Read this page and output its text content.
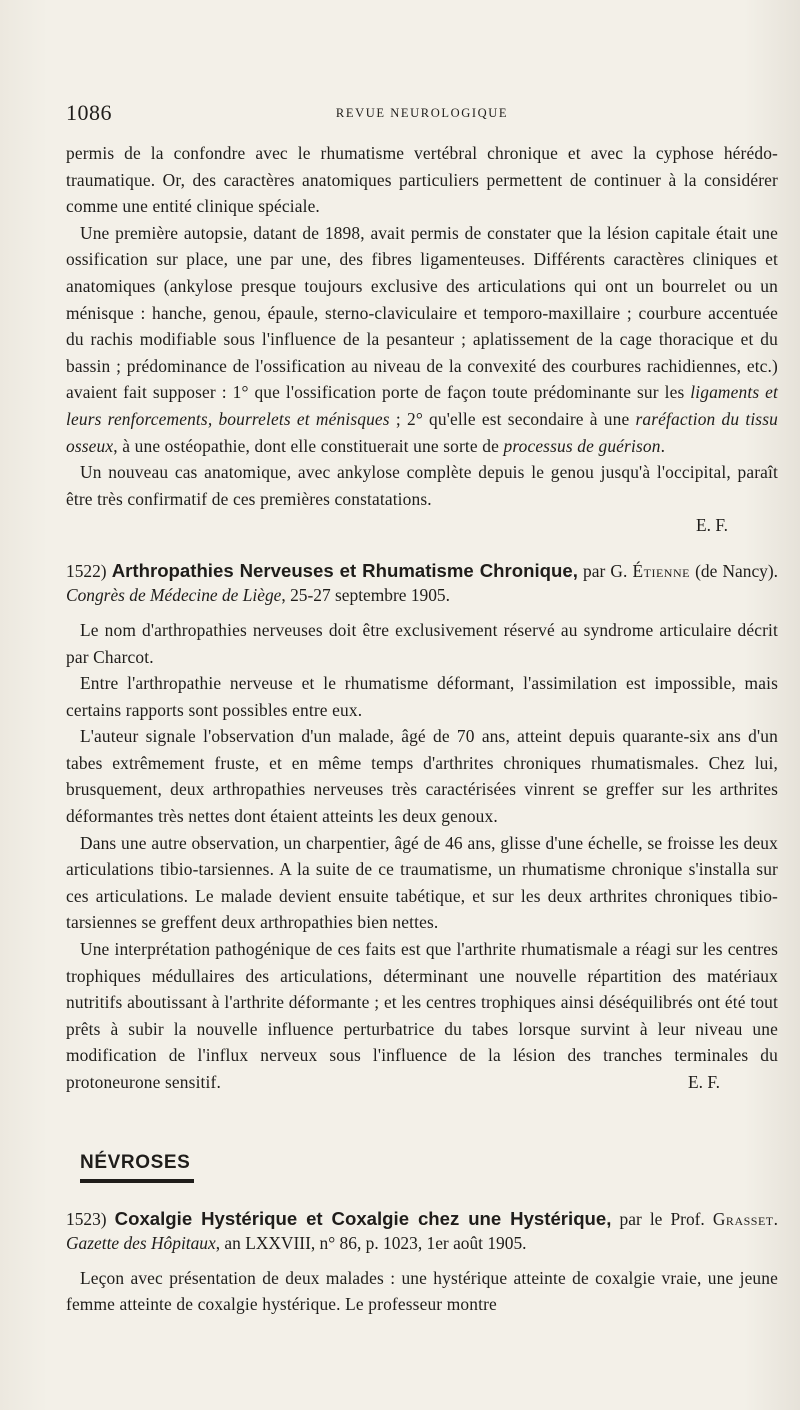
1086	REVUE NEUROLOGIQUE

permis de la confondre avec le rhumatisme vertébral chronique et avec la cyphose hérédo-traumatique. Or, des caractères anatomiques particuliers permettent de continuer à la considérer comme une entité clinique spéciale.

Une première autopsie, datant de 1898, avait permis de constater que la lésion capitale était une ossification sur place, une par une, des fibres ligamenteuses. Différents caractères cliniques et anatomiques (ankylose presque toujours exclusive des articulations qui ont un bourrelet ou un ménisque : hanche, genou, épaule, sterno-claviculaire et temporo-maxillaire ; courbure accentuée du rachis modifiable sous l'influence de la pesanteur ; aplatissement de la cage thoracique et du bassin ; prédominance de l'ossification au niveau de la convexité des courbures rachidiennes, etc.) avaient fait supposer : 1° que l'ossification porte de façon toute prédominante sur les ligaments et leurs renforcements, bourrelets et ménisques ; 2° qu'elle est secondaire à une raréfaction du tissu osseux, à une ostéopathie, dont elle constituerait une sorte de processus de guérison.

Un nouveau cas anatomique, avec ankylose complète depuis le genou jusqu'à l'occipital, paraît être très confirmatif de ces premières constatations.

E. F.
1522) Arthropathies Nerveuses et Rhumatisme Chronique, par G. Étienne (de Nancy). Congrès de Médecine de Liège, 25-27 septembre 1905.

Le nom d'arthropathies nerveuses doit être exclusivement réservé au syndrome articulaire décrit par Charcot.

Entre l'arthropathie nerveuse et le rhumatisme déformant, l'assimilation est impossible, mais certains rapports sont possibles entre eux.

L'auteur signale l'observation d'un malade, âgé de 70 ans, atteint depuis quarante-six ans d'un tabes extrêmement fruste, et en même temps d'arthrites chroniques rhumatismales. Chez lui, brusquement, deux arthropathies nerveuses très caractérisées vinrent se greffer sur les arthrites déformantes très nettes dont étaient atteints les deux genoux.

Dans une autre observation, un charpentier, âgé de 46 ans, glisse d'une échelle, se froisse les deux articulations tibio-tarsiennes. A la suite de ce traumatisme, un rhumatisme chronique s'installa sur ces articulations. Le malade devient ensuite tabétique, et sur les deux arthrites chroniques tibio-tarsiennes se greffent deux arthropathies bien nettes.

Une interprétation pathogénique de ces faits est que l'arthrite rhumatismale a réagi sur les centres trophiques médullaires des articulations, déterminant une nouvelle répartition des matériaux nutritifs aboutissant à l'arthrite déformante ; et les centres trophiques ainsi déséquilibrés ont été tout prêts à subir la nouvelle influence perturbatrice du tabes lorsque survint à leur niveau une modification de l'influx nerveux sous l'influence de la lésion des tranches terminales du protoneurone sensitif.	E. F.
NÉVROSES
1523) Coxalgie Hystérique et Coxalgie chez une Hystérique, par le Prof. Grasset. Gazette des Hôpitaux, an LXXVIII, n° 86, p. 1023, 1er août 1905.

Leçon avec présentation de deux malades : une hystérique atteinte de coxalgie vraie, une jeune femme atteinte de coxalgie hystérique. Le professeur montre
